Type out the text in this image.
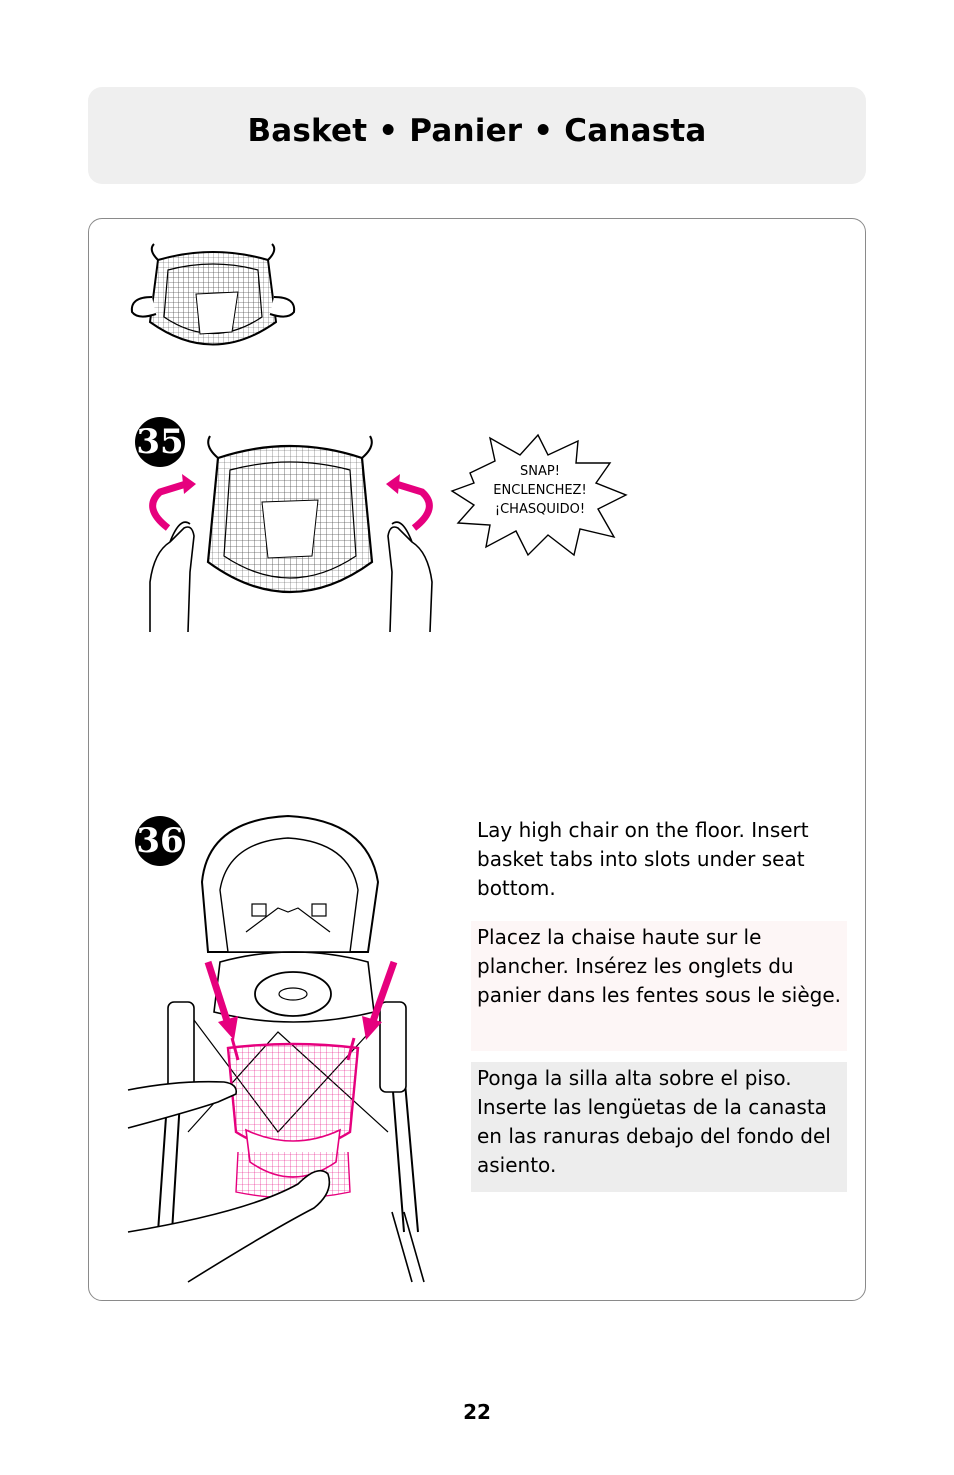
Basket • Panier • Canasta
35
SNAP!
ENCLENCHEZ!
¡CHASQUIDO!
36	Lay high chair on the floor. Insert basket tabs into slots under seat bottom.
Placez la chaise haute sur le plancher. Insérez les onglets du panier dans les fentes sous le siège.
Ponga la silla alta sobre el piso. Inserte las lengüetas de la canasta en las ranuras debajo del fondo del asiento.
22
